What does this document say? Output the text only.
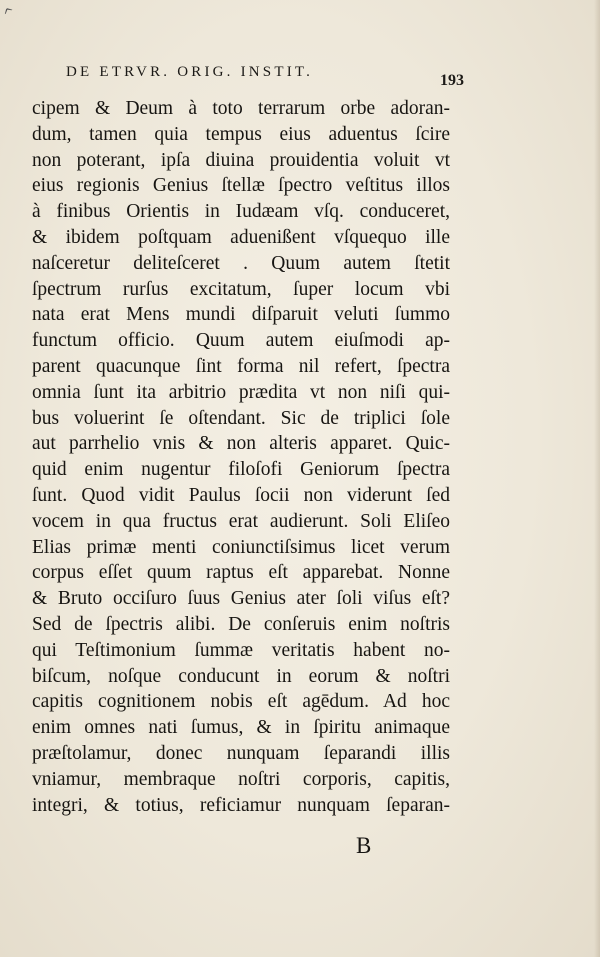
^
DE ETRVR. ORIG. INSTIT.	193
cipem & Deum à toto terrarum orbe adoran-
dum, tamen quia tempus eius aduentus ſcire
non poterant, ipſa diuina prouidentia voluit vt
eius regionis Genius ſtellæ ſpectro veſtitus illos
à finibus Orientis in Iudæam vſq. conduceret,
& ibidem poſtquam aduenißent vſquequo ille
naſceretur deliteſceret . Quum autem ſtetit
ſpectrum rurſus excitatum, ſuper locum vbi
nata erat Mens mundi diſparuit veluti ſummo
functum officio. Quum autem eiuſmodi ap-
parent quacunque ſint forma nil refert, ſpectra
omnia ſunt ita arbitrio prædita vt non niſi qui-
bus voluerint ſe oſtendant. Sic de triplici ſole
aut parrhelio vnis & non alteris apparet. Quic-
quid enim nugentur filoſofi Geniorum ſpectra
ſunt. Quod vidit Paulus ſocii non viderunt ſed
vocem in qua fructus erat audierunt. Soli Eliſeo
Elias primæ menti coniunctiſsimus licet verum
corpus eſſet quum raptus eſt apparebat. Nonne
& Bruto occiſuro ſuus Genius ater ſoli viſus eſt?
Sed de ſpectris alibi. De conſeruis enim noſtris
qui Teſtimonium ſummæ veritatis habent no-
biſcum, noſque conducunt in eorum & noſtri
capitis cognitionem nobis eſt agēdum. Ad hoc
enim omnes nati ſumus, & in ſpiritu animaque
præſtolamur, donec nunquam ſeparandi illis
vniamur, membraque noſtri corporis, capitis,
integri, & totius, reficiamur nunquam ſeparan-
B
